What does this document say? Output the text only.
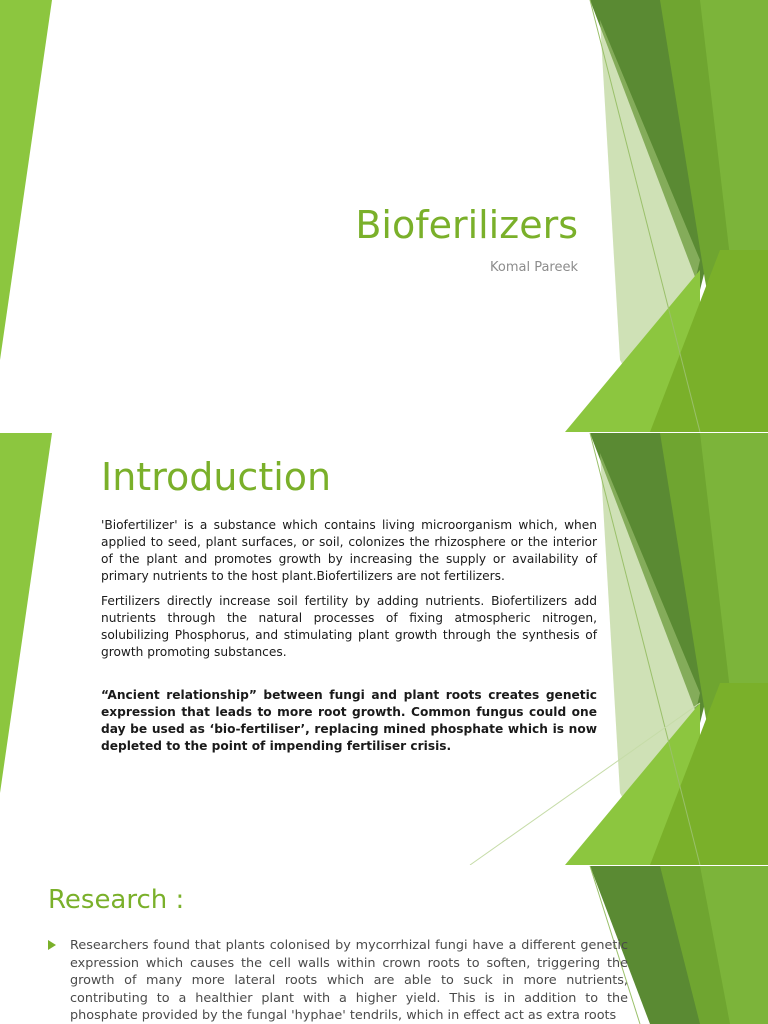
Bioferilizers

Komal Pareek

Introduction

'Biofertilizer' is a substance which contains living microorganism which, when applied to seed, plant surfaces, or soil, colonizes the rhizosphere or the interior of the plant and promotes growth by increasing the supply or availability of primary nutrients to the host plant.Biofertilizers are not fertilizers.

Fertilizers directly increase soil fertility by adding nutrients. Biofertilizers add nutrients through the natural processes of fixing atmospheric nitrogen, solubilizing Phosphorus, and stimulating plant growth through the synthesis of growth promoting substances.

“Ancient relationship” between fungi and plant roots creates genetic expression that leads to more root growth. Common fungus could one day be used as ‘bio-fertiliser’, replacing mined phosphate which is now depleted to the point of impending fertiliser crisis.

Research :
Researchers found that plants colonised by mycorrhizal fungi have a different genetic expression which causes the cell walls within crown roots to soften, triggering the growth of many more lateral roots which are able to suck in more nutrients, contributing to a healthier plant with a higher yield. This is in addition to the phosphate provided by the fungal 'hyphae' tendrils, which in effect act as extra roots
